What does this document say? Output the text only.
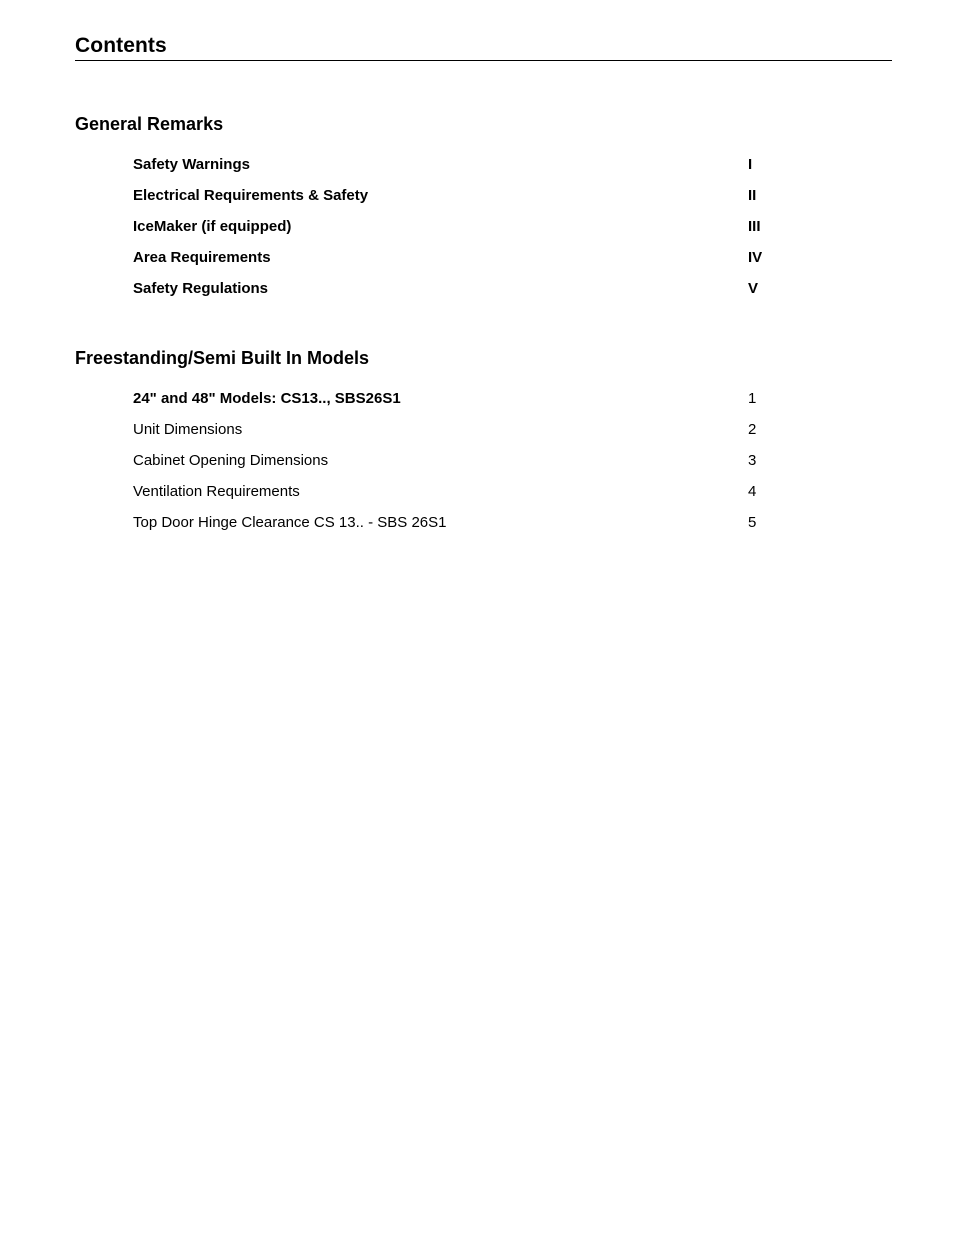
Contents
General Remarks
Safety Warnings	I
Electrical Requirements & Safety	II
IceMaker (if equipped)	III
Area Requirements	IV
Safety Regulations	V
Freestanding/Semi Built In Models
24" and 48" Models: CS13.., SBS26S1	1
Unit Dimensions	2
Cabinet Opening Dimensions	3
Ventilation Requirements	4
Top Door Hinge Clearance CS 13.. - SBS 26S1	5
